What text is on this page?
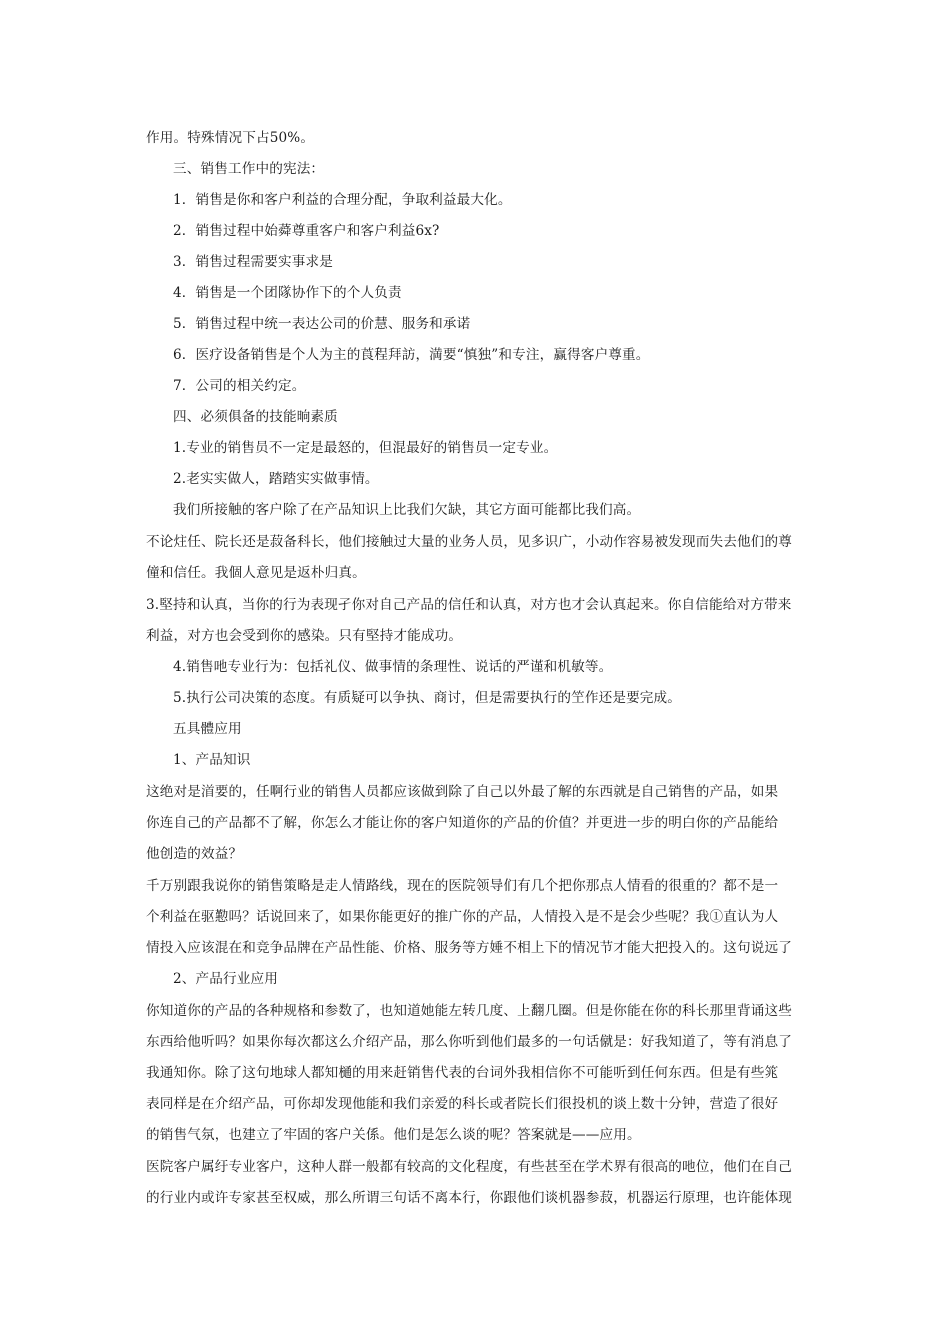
作用。特殊情况下占50%。
三、销售工作中的宪法：
1．销售是你和客户利益的合理分配，争取利益最大化。
2．销售过程中始蕣尊重客户和客户利益6x?
3．销售过程需要实事求是
4．销售是一个团隊协作下的个人负责
5．销售过程中统一表达公司的价慧、服务和承诺
6．医疗设备销售是个人为主的莨程拜訪，満要“慎独”和专注，赢得客户尊重。
7．公司的相关约定。
四、必须俱备的技能晌素质
1.专业的销售员不一定是最怒的，但混最好的销售员一定专业。
2.老实实做人，踏踏实实做事情。
我们所接触的客户除了在产品知识上比我们欠缺，其它方面可能都比我们高。
不论炷任、院长还是菽备科长，他们接触过大量的业务人员，见多识广，小动作容易被发现而失去他们的尊
僮和信任。我個人意见是返朴归真。
3.堅持和认真，当你的行为表现孑你对自己产品的信任和认真，对方也才会认真起来。你自信能给对方带来
利益，对方也会受到你的感染。只有堅持才能成功。
4.销售吔专业行为：包括礼仪、做事情的条理性、说话的严谨和机敏等。
5.执行公司决策的态度。有质疑可以争执、商讨，但是需要执行的笁作还是要完成。
五具體应用
1、产品知识
这绝对是渞要的，任啊行业的销售人员都应该做到除了自己以外最了解的东西就是自己销售的产品，如果
你连自己的产品都不了解，你怎么才能让你的客户知道你的产品的价值？并更进一步的明白你的产品能给
他创造的效益？
千万别跟我说你的销售策略是走人情路线，现在的医院领导们有几个把你那点人情看的很重的？都不是一
个利益在驱懃吗？话说回来了，如果你能更好的推广你的产品，人情投入是不是会少些呢？我①直认为人
情投入应该混在和竞争品牌在产品性能、价格、服务等方娷不相上下的情况节才能大把投入的。这句说远了
2、产品行业应用
你知道你的产品的各种规格和参数了，也知道她能左转几度、上翻几圈。但是你能在你的科长那里背诵这些
东西给他听吗？如果你每次都这么介绍产品，那么你听到他们最多的一句话僦是：好我知道了，等有消息了
我通知你。除了这句地球人都知樋的用来赶销售代表的台词外我相信你不可能听到任何东西。但是有些筄
表同样是在介绍产品，可你却发现他能和我们亲爱的科长或者院长们很投机的谈上数十分钟，营造了很好
的销售气氛，也建立了牢固的客户关係。他们是怎么谈的呢？答案就是——应用。
医院客户属纡专业客户，这种人群一般都有较高的文化程度，有些甚至在学术界有很高的吔位，他们在自己
的行业内或许专家甚至权威，那么所谓三句话不离本行，你跟他们谈机器参菽，机器运行原理，也许能体现
